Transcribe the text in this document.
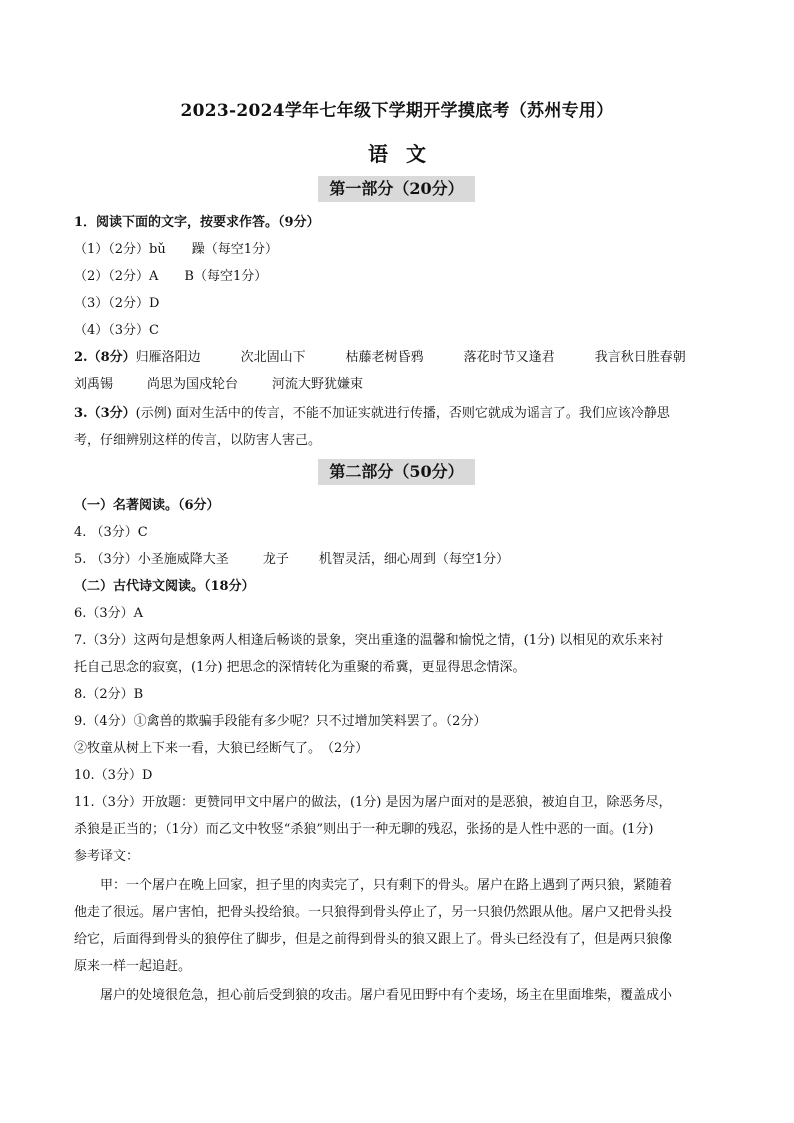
2023-2024学年七年级下学期开学摸底考（苏州专用）
语文
第一部分（20分）
1．阅读下面的文字，按要求作答。（9分）
（1）（2分）bǔ　　躁（每空1分）
（2）（2分）A　　B（每空1分）
（3）（2分）D
（4）（3分）C
2.（8分）归雁洛阳边	次北固山下	枯藤老树昏鸦	落花时节又逢君	我言秋日胜春朝
刘禹锡	尚思为国戍轮台	河流大野犹嫌束
3.（3分）(示例) 面对生活中的传言，不能不加证实就进行传播，否则它就成为谣言了。我们应该冷静思
考，仔细辨别这样的传言，以防害人害己。
第二部分（50分）
（一）名著阅读。（6分）
4. （3分）C
5. （3分）小圣施威降大圣	龙子 机智灵活，细心周到（每空1分）
（二）古代诗文阅读。（18分）
6.（3分）A
7.（3分）这两句是想象两人相逢后畅谈的景象，突出重逢的温馨和愉悦之情，(1分) 以相见的欢乐来衬
托自己思念的寂寞，(1分) 把思念的深情转化为重聚的希冀，更显得思念情深。
8.（2分）B
9.（4分）①禽兽的欺骗手段能有多少呢？只不过增加笑料罢了。（2分）
②牧童从树上下来一看，大狼已经断气了。　（2分）
10.（3分）D
11.（3分）开放题：更赞同甲文中屠户的做法，(1分) 是因为屠户面对的是恶狼，被迫自卫，除恶务尽，
杀狼是正当的；（1分）而乙文中牧竖“杀狼”则出于一种无聊的残忍，张扬的是人性中恶的一面。(1分)
参考译文：
甲：一个屠户在晚上回家，担子里的肉卖完了，只有剩下的骨头。屠户在路上遇到了两只狼，紧随着
他走了很远。屠户害怕，把骨头投给狼。一只狼得到骨头停止了，另一只狼仍然跟从他。屠户又把骨头投
给它，后面得到骨头的狼停住了脚步，但是之前得到骨头的狼又跟上了。骨头已经没有了，但是两只狼像
原来一样一起追赶。
屠户的处境很危急，担心前后受到狼的攻击。屠户看见田野中有个麦场，场主在里面堆柴，覆盖成小
